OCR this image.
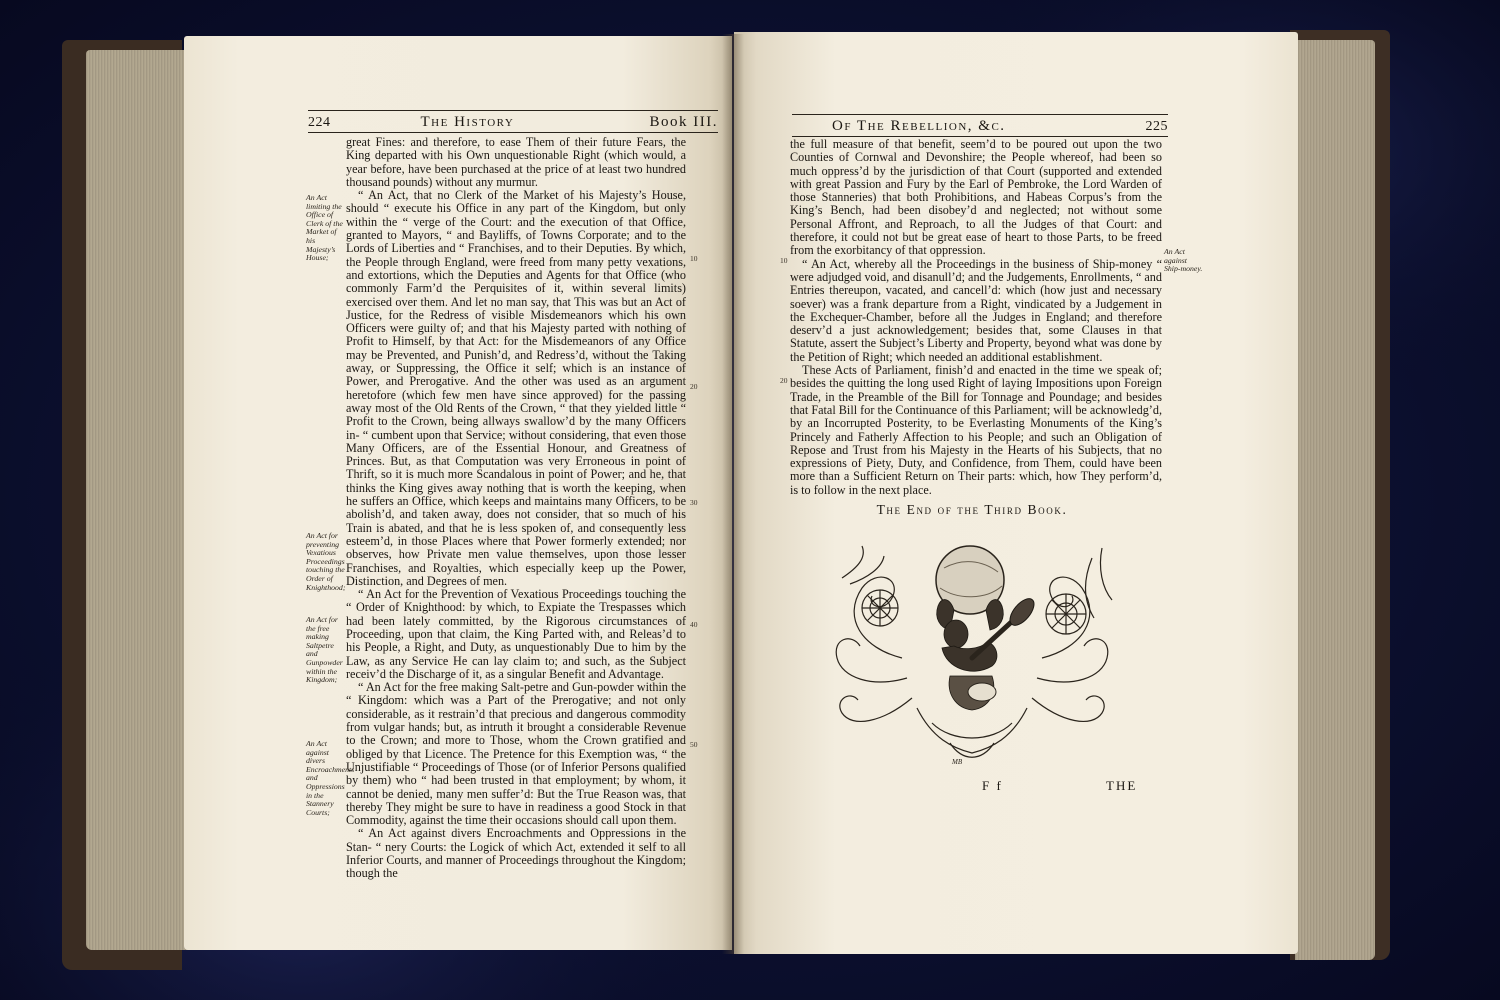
224	The History	Book III.

great Fines: and therefore, to ease Them of their future Fears, the King departed with his Own unquestionable Right (which would, a year before, have been purchased at the price of at least two hundred thousand pounds) without any murmur.

“ An Act, that no Clerk of the Market of his Majesty’s House, should “ execute his Office in any part of the Kingdom, but only within the “ verge of the Court: and the execution of that Office, granted to Mayors, “ and Bayliffs, of Towns Corporate; and to the Lords of Liberties and “ Franchises, and to their Deputies. By which, the People through England, were freed from many petty vexations, and extortions, which the Deputies and Agents for that Office (who commonly Farm’d the Perquisites of it, within several limits) exercised over them. And let no man say, that This was but an Act of Justice, for the Redress of visible Misdemeanors which his own Officers were guilty of; and that his Majesty parted with nothing of Profit to Himself, by that Act: for the Misdemeanors of any Office may be Prevented, and Punish’d, and Redress’d, without the Taking away, or Suppressing, the Office it self; which is an instance of Power, and Prerogative. And the other was used as an argument heretofore (which few men have since approved) for the passing away most of the Old Rents of the Crown, “ that they yielded little “ Profit to the Crown, being allways swallow’d by the many Officers in- “ cumbent upon that Service; without considering, that even those Many Officers, are of the Essential Honour, and Greatness of Princes. But, as that Computation was very Erroneous in point of Thrift, so it is much more Scandalous in point of Power; and he, that thinks the King gives away nothing that is worth the keeping, when he suffers an Office, which keeps and maintains many Officers, to be abolish’d, and taken away, does not consider, that so much of his Train is abated, and that he is less spoken of, and consequently less esteem’d, in those Places where that Power formerly extended; nor observes, how Private men value themselves, upon those lesser Franchises, and Royalties, which especially keep up the Power, Distinction, and Degrees of men.

“ An Act for the Prevention of Vexatious Proceedings touching the “ Order of Knighthood: by which, to Expiate the Trespasses which had been lately committed, by the Rigorous circumstances of Proceeding, upon that claim, the King Parted with, and Releas’d to his People, a Right, and Duty, as unquestionably Due to him by the Law, as any Service He can lay claim to; and such, as the Subject receiv’d the Discharge of it, as a singular Benefit and Advantage.

“ An Act for the free making Salt-petre and Gun-powder within the “ Kingdom: which was a Part of the Prerogative; and not only considerable, as it restrain’d that precious and dangerous commodity from vulgar hands; but, as intruth it brought a considerable Revenue to the Crown; and more to Those, whom the Crown gratified and obliged by that Licence. The Pretence for this Exemption was, “ the Unjustifiable “ Proceedings of Those (or of Inferior Persons qualified by them) who “ had been trusted in that employment; by whom, it cannot be denied, many men suffer’d: But the True Reason was, that thereby They might be sure to have in readiness a good Stock in that Commodity, against the time their occasions should call upon them.

“ An Act against divers Encroachments and Oppressions in the Stan- “ nery Courts: the Logick of which Act, extended it self to all Inferior Courts, and manner of Proceedings throughout the Kingdom; though the

An Act limiting the Office of Clerk of the Market of his Majesty’s House;
An Act for preventing Vexatious Proceedings touching the Order of Knighthood;
An Act for the free making Saltpetre and Gunpowder within the Kingdom;
An Act against divers Encroachments and Oppressions in the Stannery Courts;
10
20
30
40
50
Of The Rebellion, &c.	225

the full measure of that benefit, seem’d to be poured out upon the two Counties of Cornwal and Devonshire; the People whereof, had been so much oppress’d by the jurisdiction of that Court (supported and extended with great Passion and Fury by the Earl of Pembroke, the Lord Warden of those Stanneries) that both Prohibitions, and Habeas Corpus’s from the King’s Bench, had been disobey’d and neglected; not without some Personal Affront, and Reproach, to all the Judges of that Court: and therefore, it could not but be great ease of heart to those Parts, to be freed from the exorbitancy of that oppression.

“ An Act, whereby all the Proceedings in the business of Ship-money “ were adjudged void, and disanull’d; and the Judgements, Enrollments, “ and Entries thereupon, vacated, and cancell’d: which (how just and necessary soever) was a frank departure from a Right, vindicated by a Judgement in the Exchequer-Chamber, before all the Judges in England; and therefore deserv’d a just acknowledgement; besides that, some Clauses in that Statute, assert the Subject’s Liberty and Property, beyond what was done by the Petition of Right; which needed an additional establishment.

These Acts of Parliament, finish’d and enacted in the time we speak of; besides the quitting the long used Right of laying Impositions upon Foreign Trade, in the Preamble of the Bill for Tonnage and Poundage; and besides that Fatal Bill for the Continuance of this Parliament; will be acknowledg’d, by an Incorrupted Posterity, to be Everlasting Monuments of the King’s Princely and Fatherly Affection to his People; and such an Obligation of Repose and Trust from his Majesty in the Hearts of his Subjects, that no expressions of Piety, Duty, and Confidence, from Them, could have been more than a Sufficient Return on Their parts: which, how They perform’d, is to follow in the next place.

An Act against Ship-money.
10
20
The End of the Third Book.
MB
F f	THE
